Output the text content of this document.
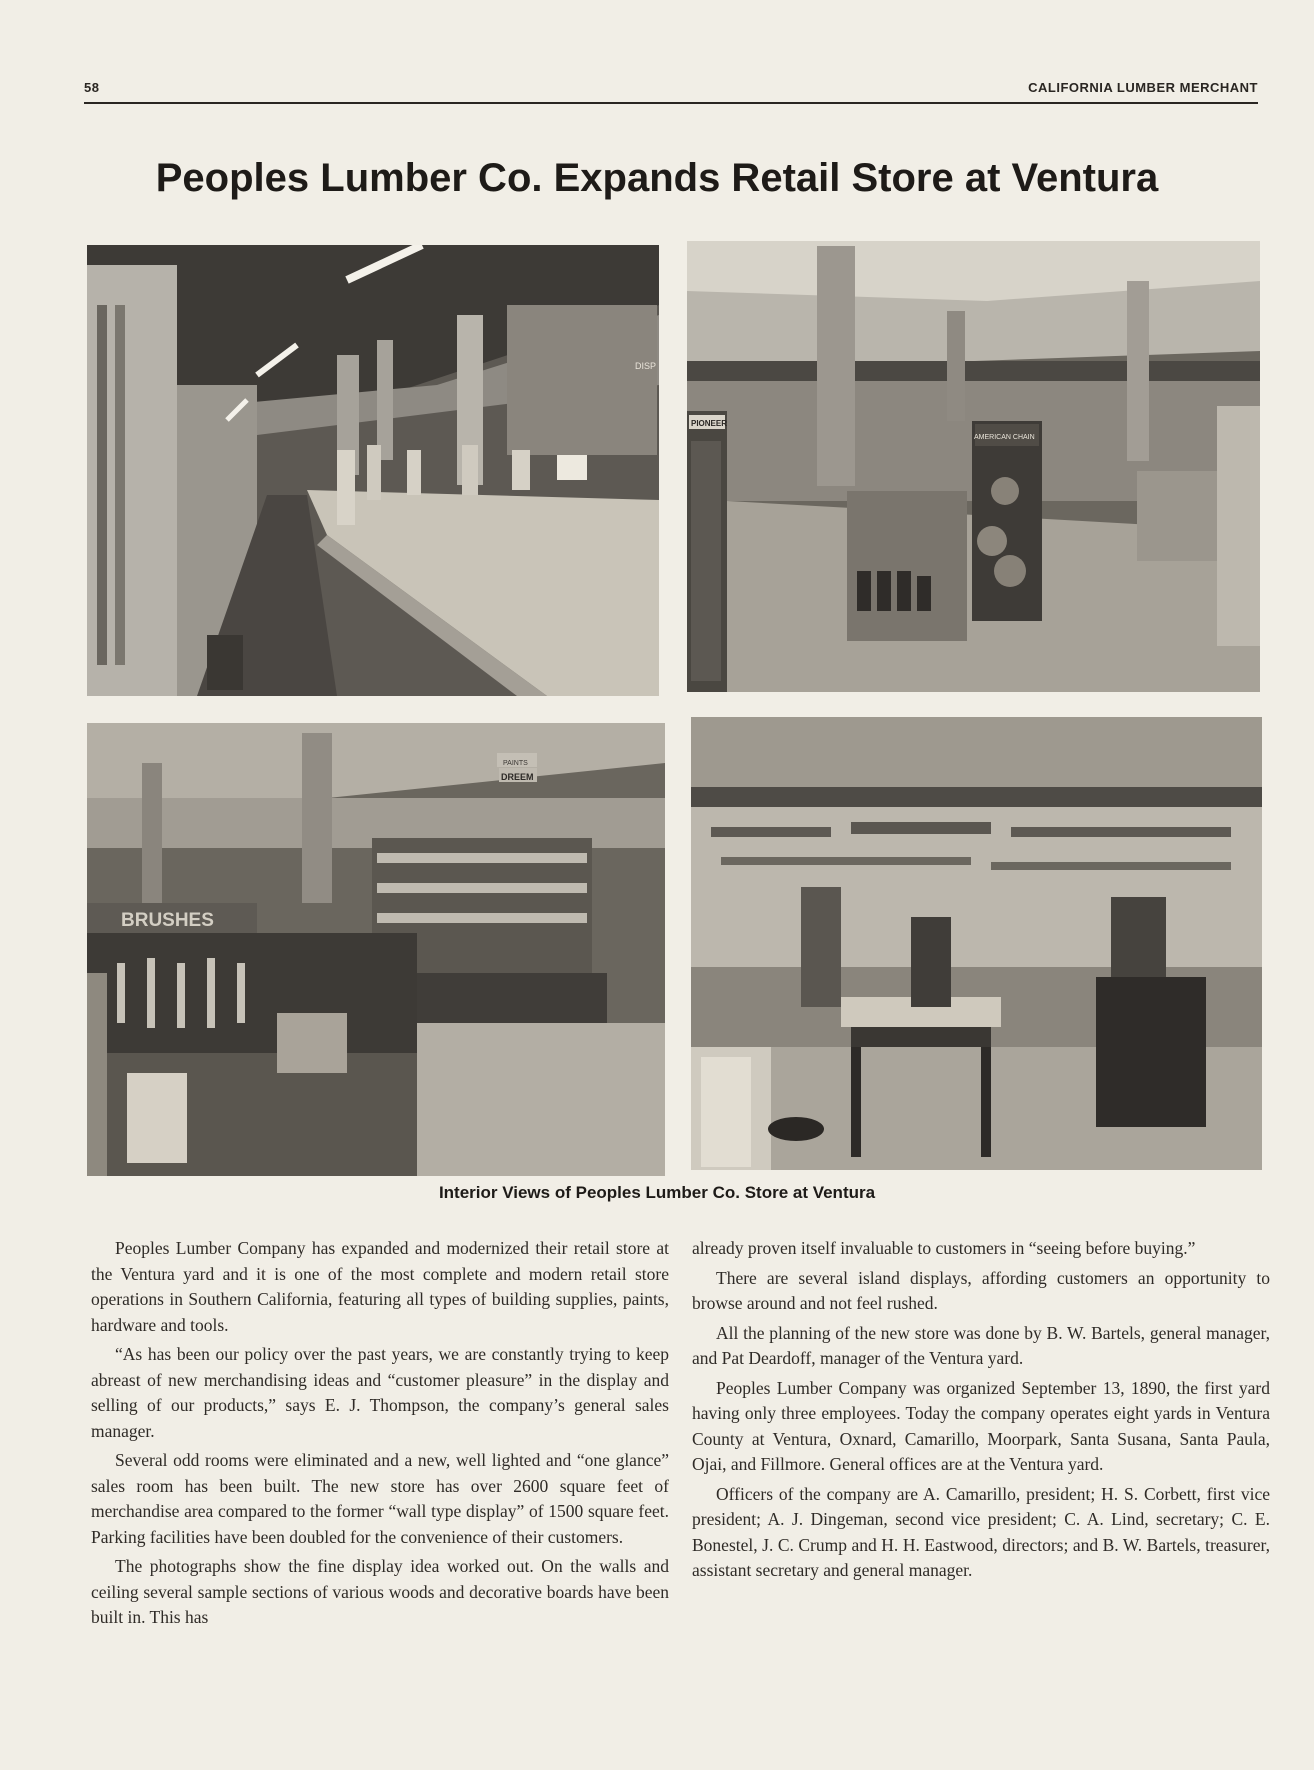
58	CALIFORNIA LUMBER MERCHANT
Peoples Lumber Co. Expands Retail Store at Ventura
DISP
PIONEER
AMERICAN CHAIN
BRUSHES
PAINTS
DREEM
Interior Views of Peoples Lumber Co. Store at Ventura

Peoples Lumber Company has expanded and modernized their retail store at the Ventura yard and it is one of the most complete and modern retail store operations in Southern California, featuring all types of building supplies, paints, hardware and tools.

“As has been our policy over the past years, we are constantly trying to keep abreast of new merchandising ideas and “customer pleasure” in the display and selling of our products,” says E. J. Thompson, the company’s general sales manager.

Several odd rooms were eliminated and a new, well lighted and “one glance” sales room has been built. The new store has over 2600 square feet of merchandise area compared to the former “wall type display” of 1500 square feet. Parking facilities have been doubled for the convenience of their customers.

The photographs show the fine display idea worked out. On the walls and ceiling several sample sections of various woods and decorative boards have been built in. This has

already proven itself invaluable to customers in “seeing before buying.”

There are several island displays, affording customers an opportunity to browse around and not feel rushed.

All the planning of the new store was done by B. W. Bartels, general manager, and Pat Deardoff, manager of the Ventura yard.

Peoples Lumber Company was organized September 13, 1890, the first yard having only three employees. Today the company operates eight yards in Ventura County at Ventura, Oxnard, Camarillo, Moorpark, Santa Susana, Santa Paula, Ojai, and Fillmore. General offices are at the Ventura yard.

Officers of the company are A. Camarillo, president; H. S. Corbett, first vice president; A. J. Dingeman, second vice president; C. A. Lind, secretary; C. E. Bonestel, J. C. Crump and H. H. Eastwood, directors; and B. W. Bartels, treasurer, assistant secretary and general manager.
